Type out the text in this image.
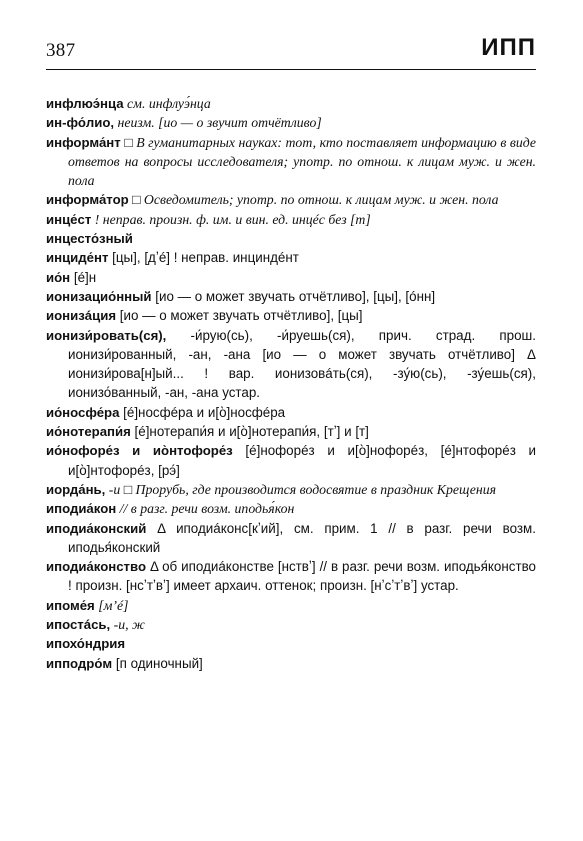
387	ИПП

инфлюэ́нца см. инфлуэ́нца

ин-фо́лио, неизм. [ио — о звучит отчётливо]

информа́нт □ В гуманитарных науках: тот, кто поставляет информацию в виде ответов на вопросы исследователя; употр. по отнош. к лицам муж. и жен. пола

информа́тор □ Осведомитель; употр. по отнош. к лицам муж. и жен. пола

инце́ст ! неправ. произн. ф. им. и вин. ед. инцéс без [т]

инцесто́зный

инциде́нт [цы], [дʼé] ! неправ. инциндéнт

ио́н [é]н

ионизацио́нный [ио — о может звучать отчётливо], [цы], [óнн]

ионизáция [ио — о может звучать отчётливо], [цы]

ионизи́ровать(ся), -и́рую(сь), -и́руешь(ся), прич. страд. прош. ионизи́рованный, -ан, -ана [ио — о может звучать отчётливо] Δ ионизи́рова[н]ый... ! вар. ионизовáть(ся), -зу́ю(сь), -зу́ешь(ся), ионизо́ванный, -ан, -ана устар.

ио́носфе́ра [é]носфéра и и[о̀]носфéра

ио́нотерапи́я [é]нотерапи́я и и[о̀]нотерапи́я, [тʼ] и [т]

ио́нофоре́з и ио̀нтофоре́з [é]нофорéз и и[о̀]нофорéз, [é]нтофорéз и и[о̀]нтофорéз, [рэ́]

иорда́нь, -и □ Прорубь, где производится водосвятие в праздник Крещения

иподиа́кон // в разг. речи возм. иподья́кон

иподиа́конский Δ иподиáконс[кʼий], см. прим. 1 // в разг. речи возм. иподья́конский

иподиа́конство Δ об иподиáконстве [нствʼ] // в разг. речи возм. иподья́конство ! произн. [нсʼтʼвʼ] имеет архаич. оттенок; произн. [нʼсʼтʼвʼ] устар.

ипоме́я [мʼé]

ипостáсь, -и, ж

ипохо́ндрия

ипподро́м [п одиночный]
